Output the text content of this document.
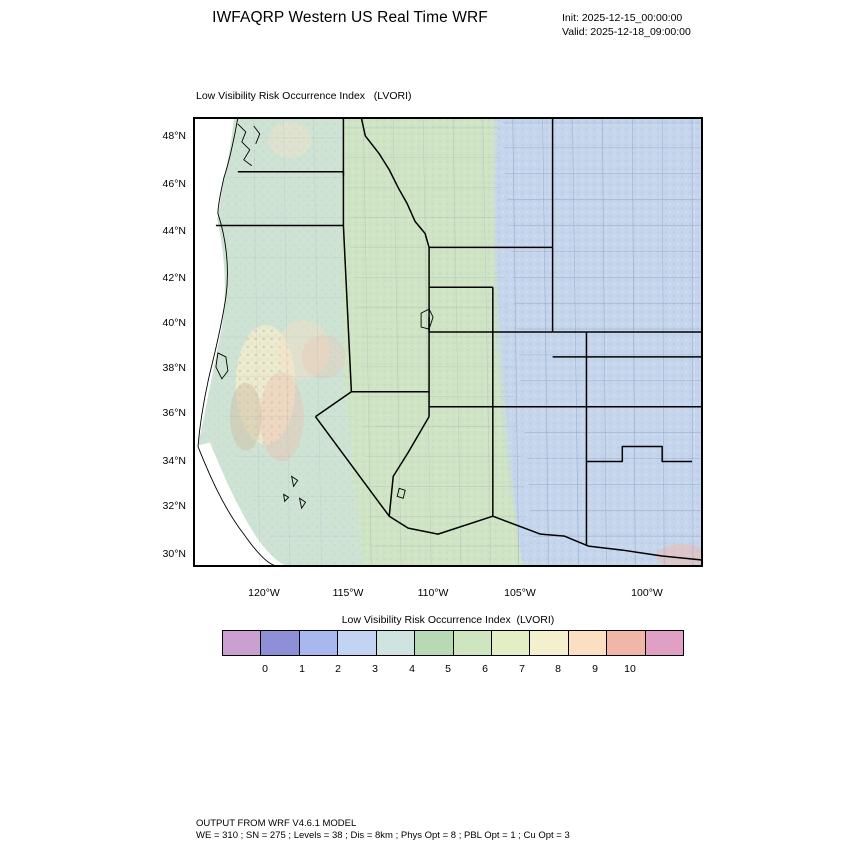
IWFAQRP Western US Real Time WRF	Init: 2025-12-15_00:00:00
Valid: 2025-12-18_09:00:00
Low Visibility Risk Occurrence Index   (LVORI)
48°N
46°N
44°N
42°N
40°N
38°N
36°N
34°N
32°N
30°N
120°W	115°W	110°W	105°W	100°W
Low Visibility Risk Occurrence Index  (LVORI)
0	1	2	3	4	5	6	7	8	9	10
OUTPUT FROM WRF V4.6.1 MODEL
WE = 310 ; SN = 275 ; Levels = 38 ; Dis = 8km ; Phys Opt = 8 ; PBL Opt = 1 ; Cu Opt = 3
